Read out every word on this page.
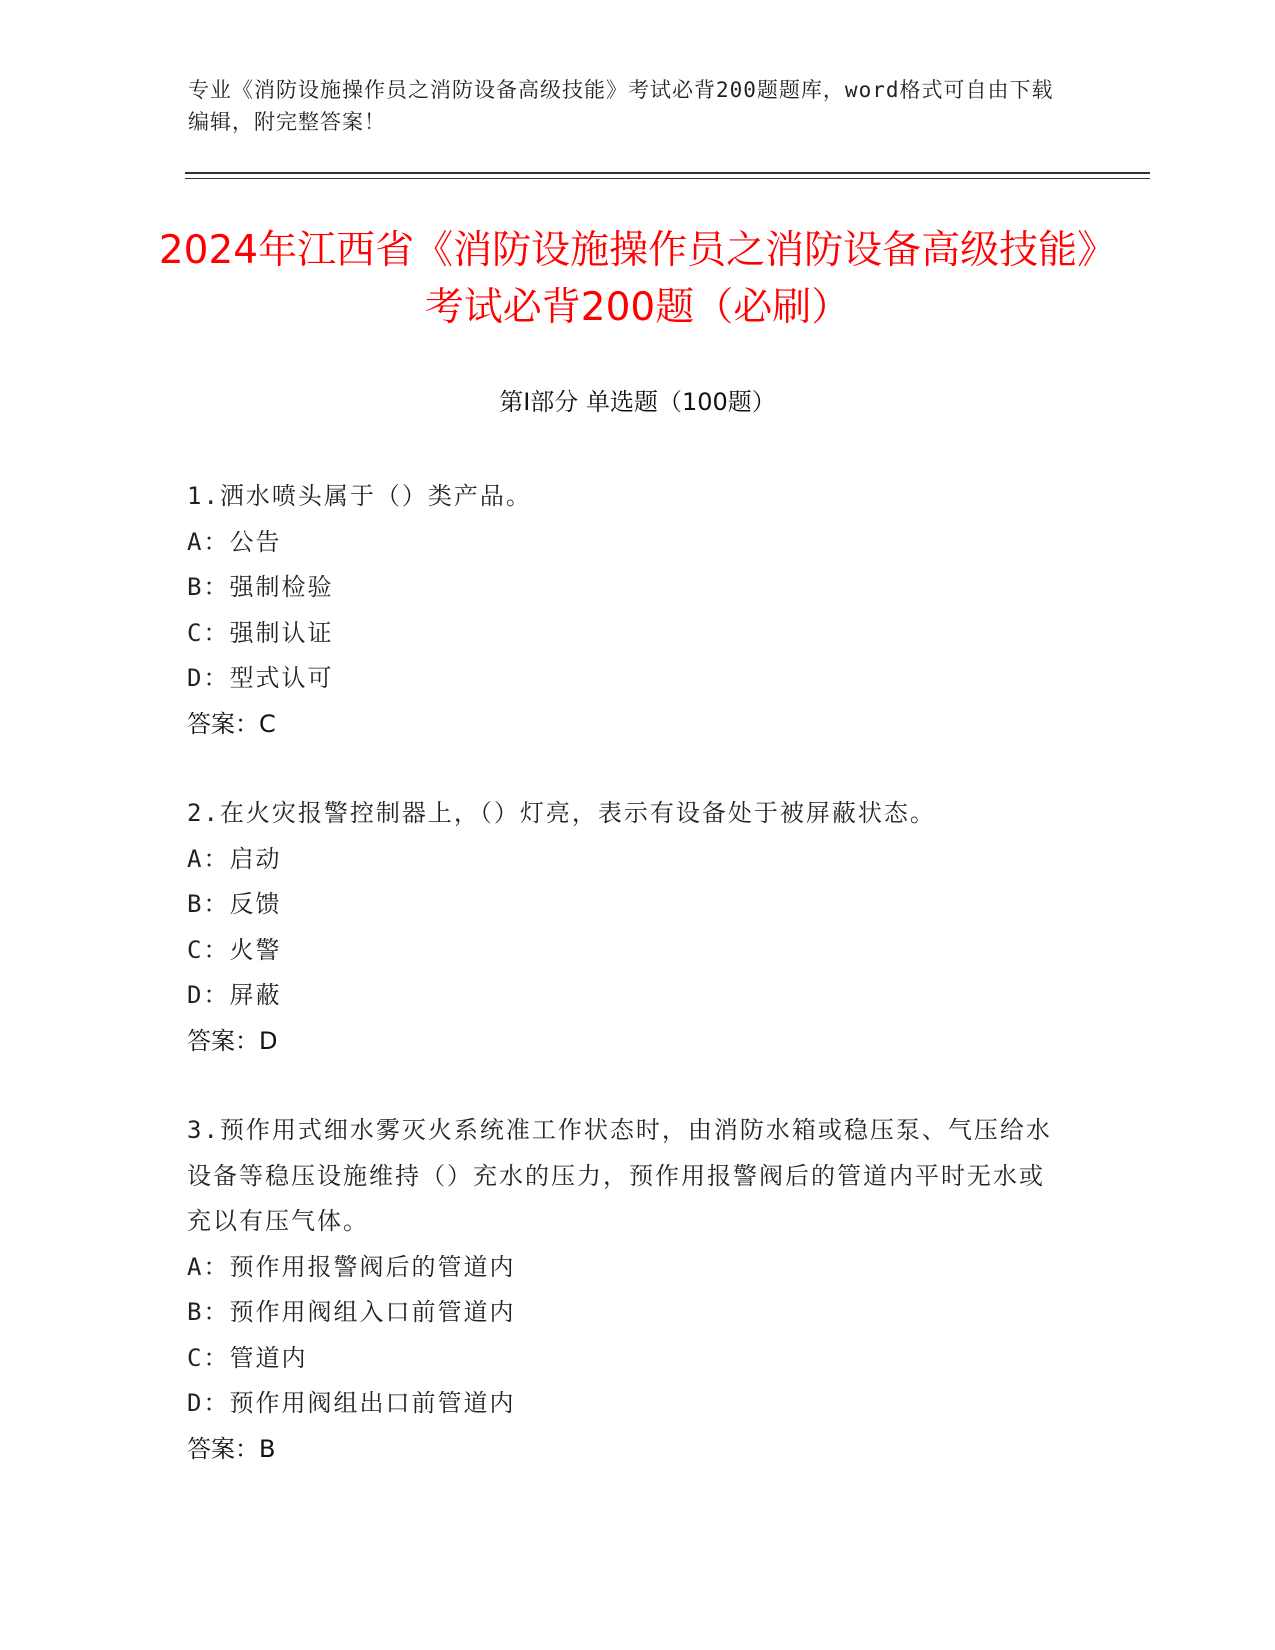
专业《消防设施操作员之消防设备高级技能》考试必背200题题库，word格式可自由下载编辑，附完整答案！
2024年江西省《消防设施操作员之消防设备高级技能》考试必背200题（必刷）
第I部分 单选题（100题）

1.洒水喷头属于（）类产品。

A：公告

B：强制检验

C：强制认证

D：型式认可

答案：C

2.在火灾报警控制器上，（）灯亮，表示有设备处于被屏蔽状态。

A：启动

B：反馈

C：火警

D：屏蔽

答案：D

3.预作用式细水雾灭火系统准工作状态时，由消防水箱或稳压泵、气压给水设备等稳压设施维持（）充水的压力，预作用报警阀后的管道内平时无水或充以有压气体。

A：预作用报警阀后的管道内

B：预作用阀组入口前管道内

C：管道内

D：预作用阀组出口前管道内

答案：B
